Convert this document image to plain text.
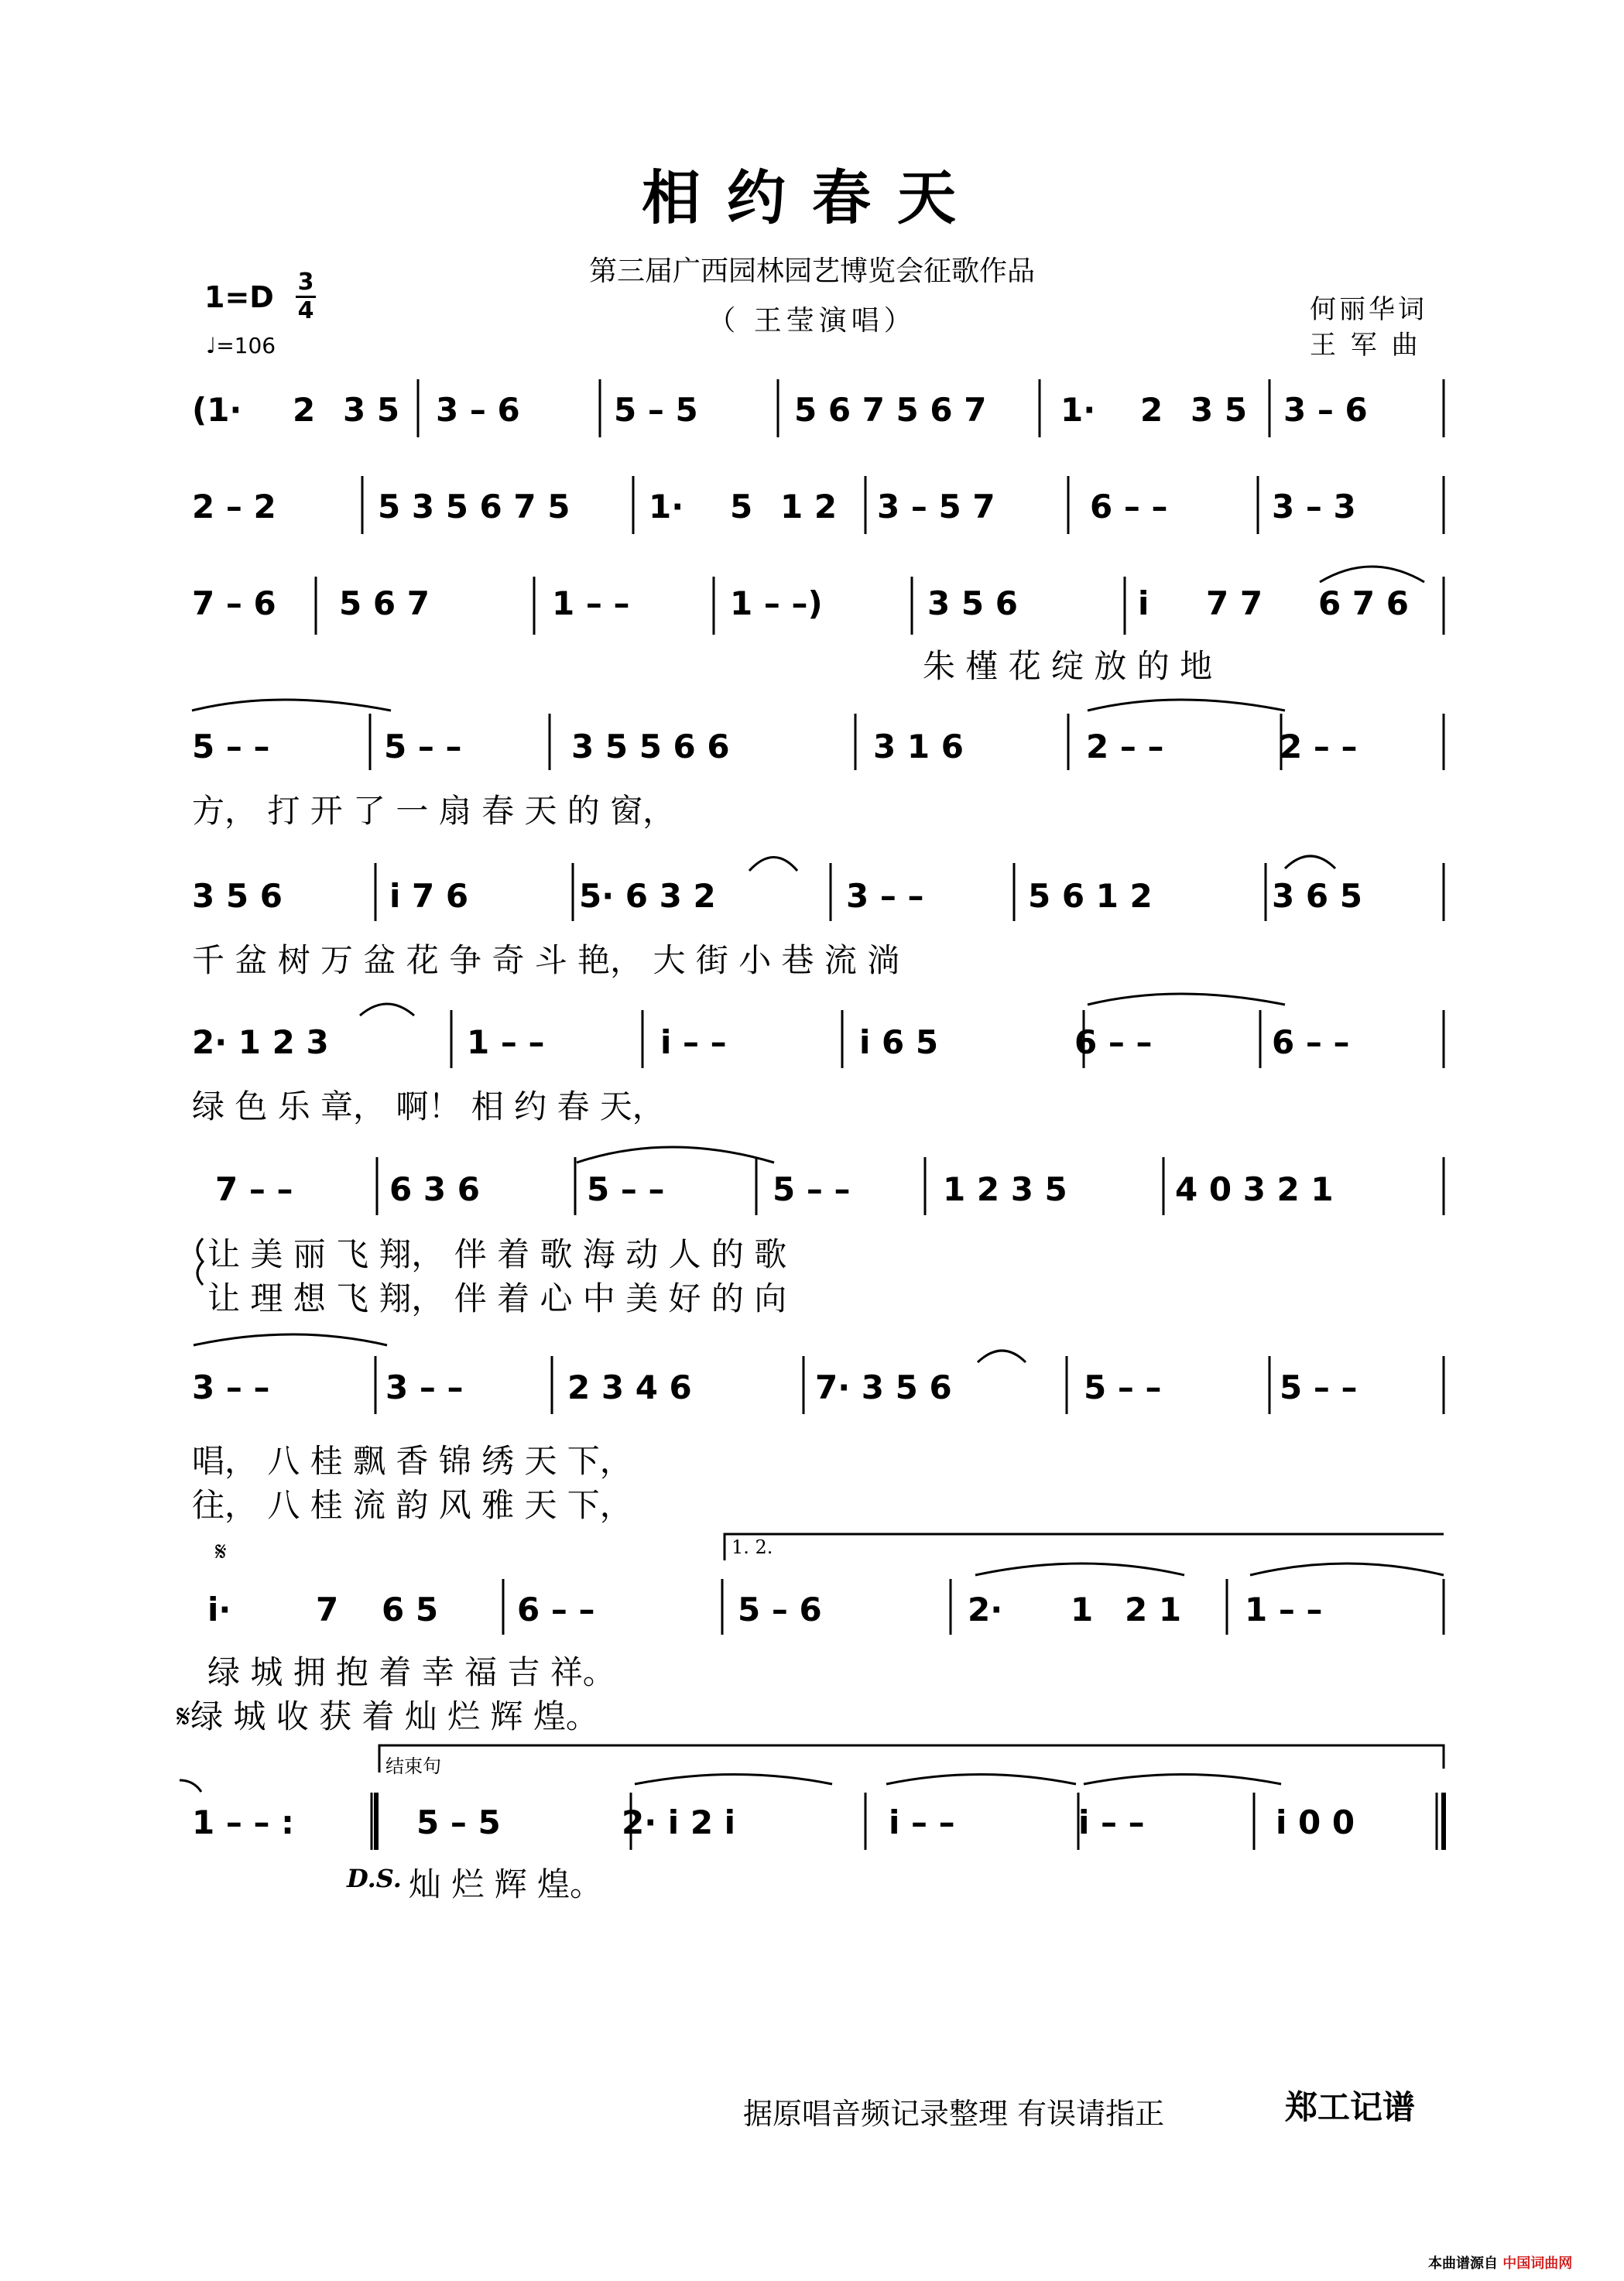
相约春天
第三届广西园林园艺博览会征歌作品
（ 王莹演唱）
1=D 3
4
♩=106
何丽华词
王 军 曲
(1· 2 3 5 3 – 6	5 – 5	5 6 7 5 6 7 1· 2 3 5 3 – 6
2 – 2	5 3 5 6 7 5 1· 5 1 2 3 – 5 7	6 – –	3 – 3
7 – 6 5 6 7	1 – –	1 – –)	3 5 6	i 7 7 6 7 6
朱 槿 花 绽 放 的 地
5 – –	5 – –	3 5 5 6 6	3 1 6	2 – –	2 – –
方， 打 开 了 一 扇 春 天 的 窗，
3 5 6	i 7 6	5· 6 3 2	3 – –	5 6 1 2	3 6 5
千 盆 树 万 盆 花 争 奇 斗 艳， 大 街 小 巷 流 淌
2· 1 2 3	1 – –	i – –	i 6 5	6 – –	6 – –
绿 色 乐 章， 啊！ 相 约 春 天，
7 – –	6 3 6	5 – –	5 – –	1 2 3 5	4 0 3 2 1
让 美 丽 飞 翔， 伴 着 歌 海 动 人 的 歌
让 理 想 飞 翔， 伴 着 心 中 美 好 的 向
3 – –	3 – –	2 3 4 6	7· 3 5 6	5 – –	5 – –
唱， 八 桂 飘 香 锦 绣 天 下，
往， 八 桂 流 韵 风 雅 天 下，
𝄋	1. 2.
i·	7 6 5 6 – –	5 – 6	2· 1 2 1 1 – –
绿 城 拥 抱 着 幸 福 吉 祥。
𝄋绿 城 收 获 着 灿 烂 辉 煌。
结束句
1 – – :	5 – 5	2· i 2 i	i – –	i – –	i 0 0
D.S. 灿 烂 辉 煌。
据原唱音频记录整理 有误请指正	郑工记谱
本曲谱源自 中国词曲网
